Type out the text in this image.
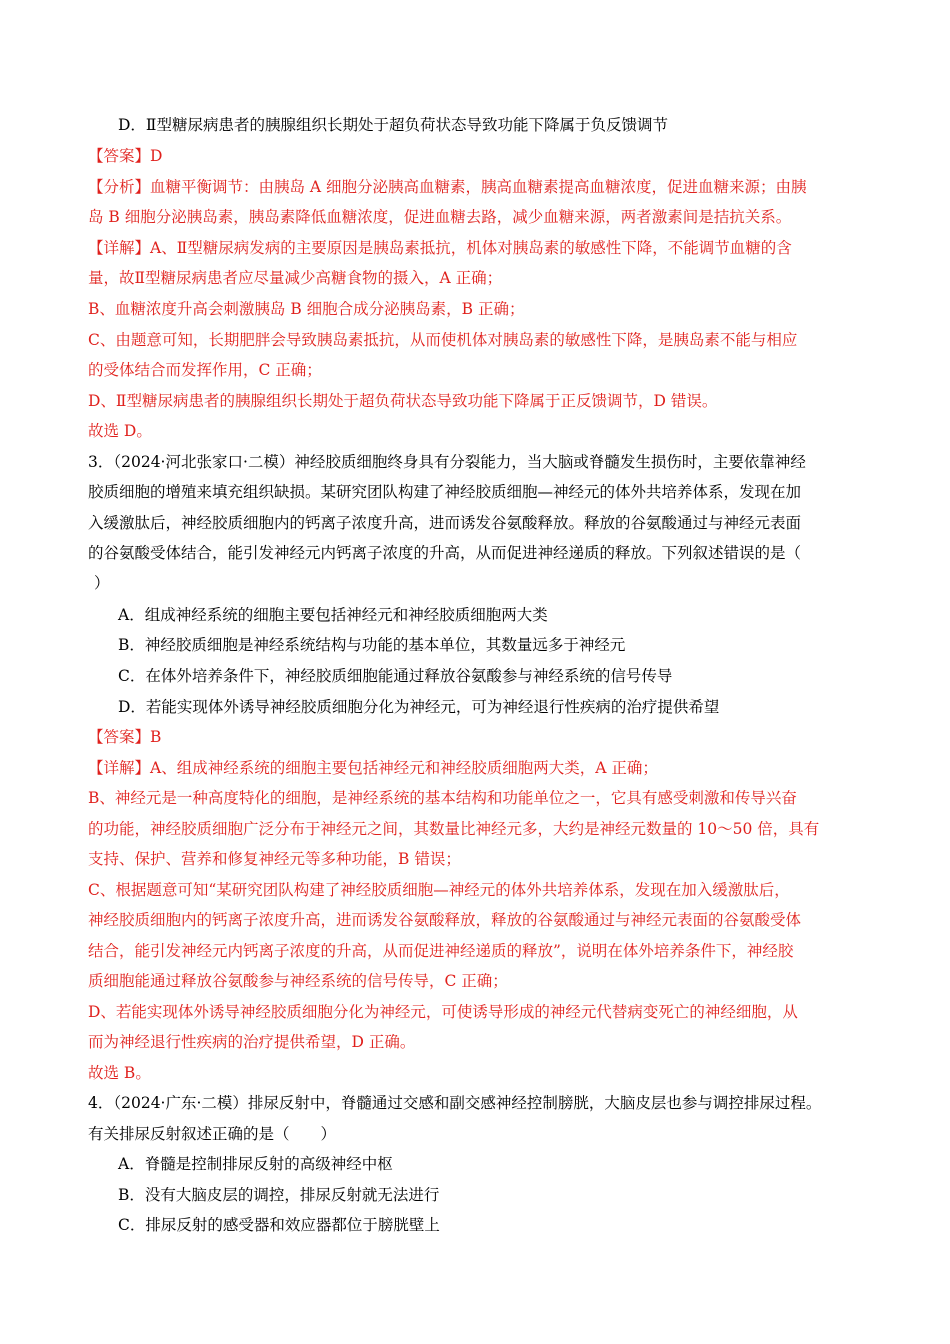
D．Ⅱ型糖尿病患者的胰腺组织长期处于超负荷状态导致功能下降属于负反馈调节
【答案】D
【分析】血糖平衡调节：由胰岛 A 细胞分泌胰高血糖素，胰高血糖素提高血糖浓度，促进血糖来源；由胰
岛 B 细胞分泌胰岛素，胰岛素降低血糖浓度，促进血糖去路，减少血糖来源，两者激素间是拮抗关系。
【详解】A、Ⅱ型糖尿病发病的主要原因是胰岛素抵抗，机体对胰岛素的敏感性下降，不能调节血糖的含
量，故Ⅱ型糖尿病患者应尽量减少高糖食物的摄入，A 正确；
B、血糖浓度升高会刺激胰岛 B 细胞合成分泌胰岛素，B 正确；
C、由题意可知，长期肥胖会导致胰岛素抵抗，从而使机体对胰岛素的敏感性下降，是胰岛素不能与相应
的受体结合而发挥作用，C 正确；
D、Ⅱ型糖尿病患者的胰腺组织长期处于超负荷状态导致功能下降属于正反馈调节，D 错误。
故选 D。
3．（2024·河北张家口·二模）神经胶质细胞终身具有分裂能力，当大脑或脊髓发生损伤时，主要依靠神经
胶质细胞的增殖来填充组织缺损。某研究团队构建了神经胶质细胞—神经元的体外共培养体系，发现在加
入缓激肽后，神经胶质细胞内的钙离子浓度升高，进而诱发谷氨酸释放。释放的谷氨酸通过与神经元表面
的谷氨酸受体结合，能引发神经元内钙离子浓度的升高，从而促进神经递质的释放。下列叙述错误的是（
）
A．组成神经系统的细胞主要包括神经元和神经胶质细胞两大类
B．神经胶质细胞是神经系统结构与功能的基本单位，其数量远多于神经元
C．在体外培养条件下，神经胶质细胞能通过释放谷氨酸参与神经系统的信号传导
D．若能实现体外诱导神经胶质细胞分化为神经元，可为神经退行性疾病的治疗提供希望
【答案】B
【详解】A、组成神经系统的细胞主要包括神经元和神经胶质细胞两大类，A 正确；
B、神经元是一种高度特化的细胞，是神经系统的基本结构和功能单位之一，它具有感受刺激和传导兴奋
的功能，神经胶质细胞广泛分布于神经元之间，其数量比神经元多，大约是神经元数量的 10～50 倍，具有
支持、保护、营养和修复神经元等多种功能，B 错误；
C、根据题意可知“某研究团队构建了神经胶质细胞—神经元的体外共培养体系，发现在加入缓激肽后，
神经胶质细胞内的钙离子浓度升高，进而诱发谷氨酸释放，释放的谷氨酸通过与神经元表面的谷氨酸受体
结合，能引发神经元内钙离子浓度的升高，从而促进神经递质的释放”，说明在体外培养条件下，神经胶
质细胞能通过释放谷氨酸参与神经系统的信号传导，C 正确；
D、若能实现体外诱导神经胶质细胞分化为神经元，可使诱导形成的神经元代替病变死亡的神经细胞，从
而为神经退行性疾病的治疗提供希望，D 正确。
故选 B。
4．（2024·广东·二模）排尿反射中，脊髓通过交感和副交感神经控制膀胱，大脑皮层也参与调控排尿过程。
有关排尿反射叙述正确的是（　　）
A．脊髓是控制排尿反射的高级神经中枢
B．没有大脑皮层的调控，排尿反射就无法进行
C．排尿反射的感受器和效应器都位于膀胱壁上
